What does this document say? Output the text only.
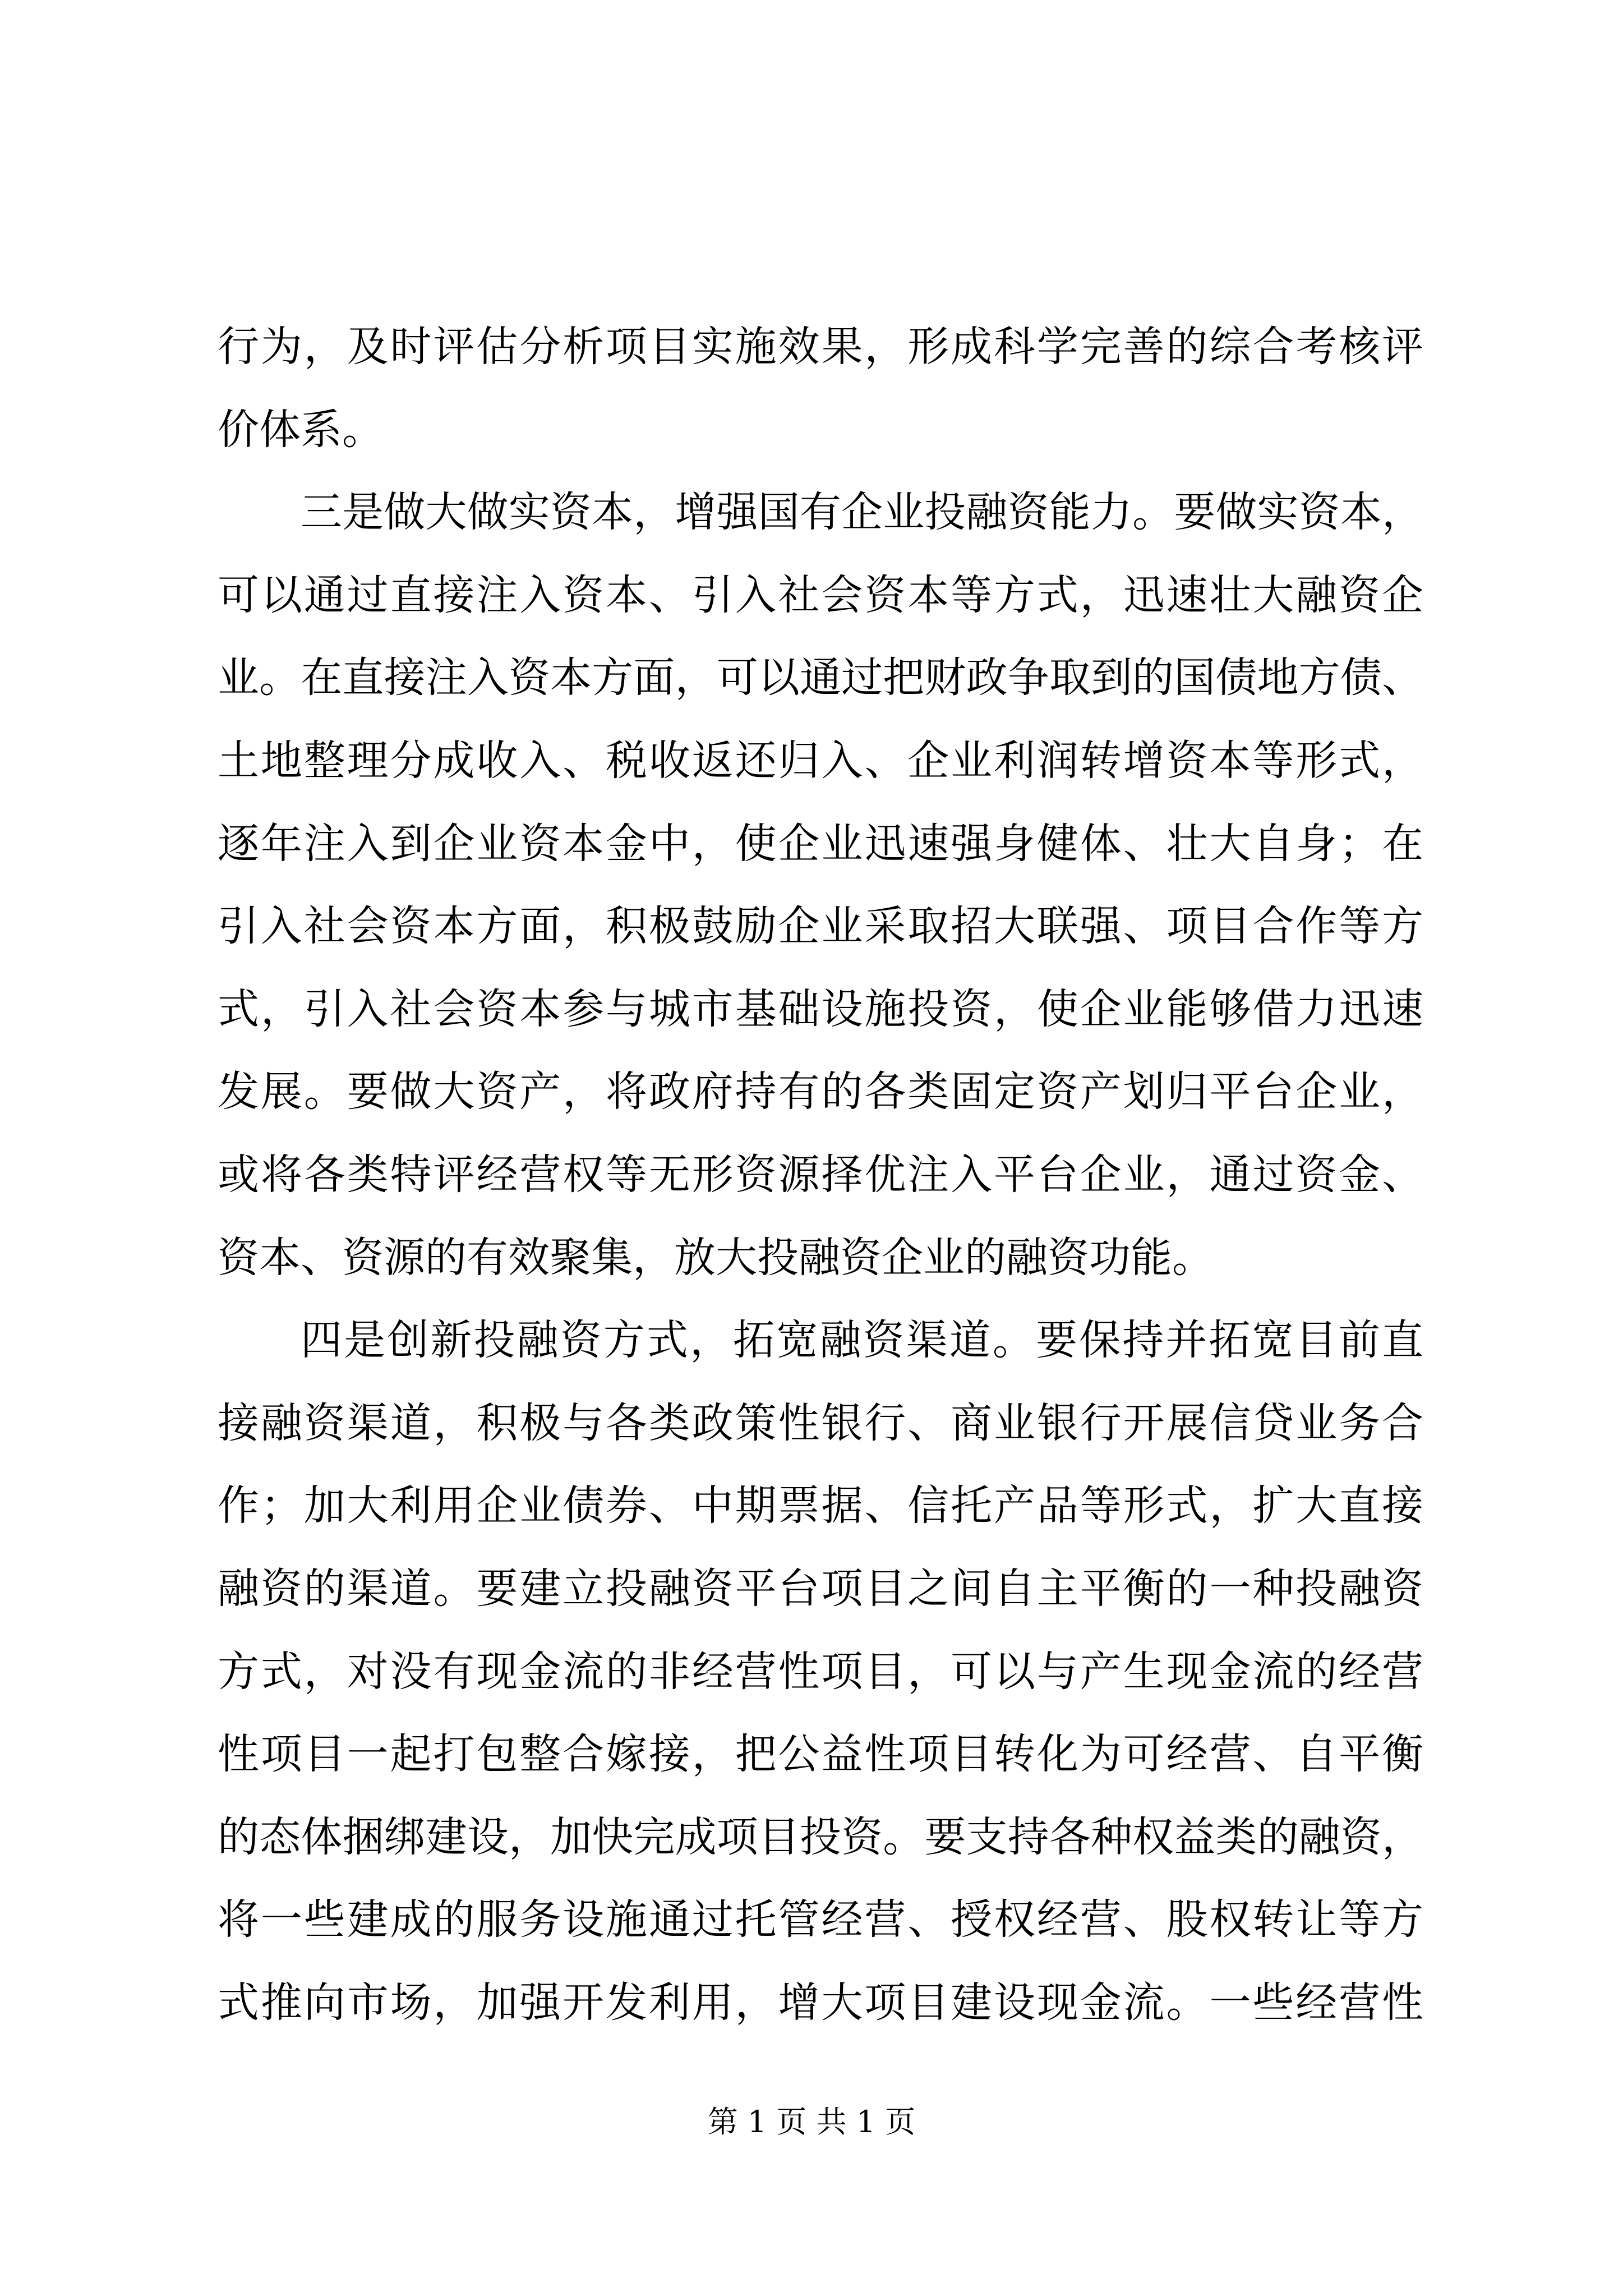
行为，及时评估分析项目实施效果，形成科学完善的综合考核评
价体系。
三是做大做实资本，增强国有企业投融资能力。要做实资本，
可以通过直接注入资本、引入社会资本等方式，迅速壮大融资企
业。在直接注入资本方面，可以通过把财政争取到的国债地方债、
土地整理分成收入、税收返还归入、企业利润转增资本等形式，
逐年注入到企业资本金中，使企业迅速强身健体、壮大自身；在
引入社会资本方面，积极鼓励企业采取招大联强、项目合作等方
式，引入社会资本参与城市基础设施投资，使企业能够借力迅速
发展。要做大资产，将政府持有的各类固定资产划归平台企业，
或将各类特评经营权等无形资源择优注入平台企业，通过资金、
资本、资源的有效聚集，放大投融资企业的融资功能。
四是创新投融资方式，拓宽融资渠道。要保持并拓宽目前直
接融资渠道，积极与各类政策性银行、商业银行开展信贷业务合
作；加大利用企业债券、中期票据、信托产品等形式，扩大直接
融资的渠道。要建立投融资平台项目之间自主平衡的一种投融资
方式，对没有现金流的非经营性项目，可以与产生现金流的经营
性项目一起打包整合嫁接，把公益性项目转化为可经营、自平衡
的态体捆绑建设，加快完成项目投资。要支持各种权益类的融资，
将一些建成的服务设施通过托管经营、授权经营、股权转让等方
式推向市场，加强开发利用，增大项目建设现金流。一些经营性
第 1 页 共 1 页
